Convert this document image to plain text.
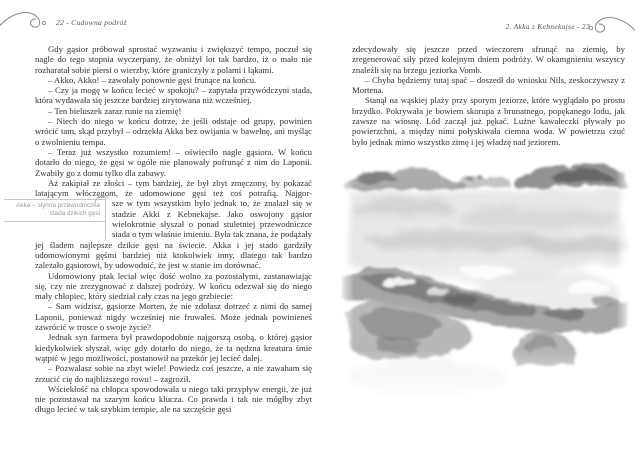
22 - Cudowna podróż	2. Akka z Kebnekajse - 23

Gdy gąsior próbował sprostać wyzwaniu i zwiększyć tempo, poczuł się nagle do tego stopnia wyczerpany, że obniżył lot tak bardzo, iż o mało nie rozharatał sobie piersi o wierzby, które graniczyły z polami i łąkami.

– Akko, Akko! – zawołały ponownie gęsi frunące na końcu.

– Czy ja mogę w końcu lecieć w spokoju? – zapytała przywódczyni stada, która wydawała się jeszcze bardziej zirytowana niż wcześniej.

– Ten bieluszek zaraz runie na ziemię!

– Niech do niego w końcu dotrze, że jeśli odstaje od grupy, powinien wrócić tam, skąd przybył – odrzekła Akka bez owijania w bawełnę, ani myśląc o zwolnieniu tempa.

– Teraz już wszystko rozumiem! – oświeciło nagle gąsiora. W końcu dotarło do niego, że gęsi w ogóle nie planowały pofrunąć z nim do Laponii. Zwabiły go z domu tylko dla zabawy.

Aż zakipiał ze złości – tym bardziej, że był zbyt zmęczony, by pokazać latającym włóczęgom, że udomowione gęsi też coś potrafią. Najgor-

Akka – słynna przewodniczka stada dzikich gęsi
sze w tym wszystkim było jednak to, że znalazł się w stadzie Akki z Kebnekajse. Jako oswojony gąsior wielokrotnie słyszał o ponad stuletniej przewodniczce stada o tym właśnie imieniu. Była tak znana, że podążały jej śladem najlepsze dzikie gęsi na świecie. Akka i jej stado gardziły udomowionymi gęśmi bardziej niż ktokolwiek inny, dlatego tak bardzo zależało gąsiorowi, by udowodnić, że jest w stanie im dorównać.

Udomowiony ptak leciał więc dość wolno za pozostałymi, zastanawiając się, czy nie zrezygnować z dalszej podróży. W końcu odezwał się do niego mały chłopiec, który siedział cały czas na jego grzbiecie:

– Sam widzisz, gąsiorze Morten, że nie zdołasz dotrzeć z nimi do samej Laponii, ponieważ nigdy wcześniej nie fruwałeś. Może jednak powinieneś zawrócić w trosce o swoje życie?

Jednak syn farmera był prawdopodobnie najgorszą osobą, o której gąsior kiedykolwiek słyszał, więc gdy dotarło do niego, że ta nędzna kreatura śmie wątpić w jego możliwości, postanowił na przekór jej lecieć dalej.

– Pozwalasz sobie na zbyt wiele! Powiedz coś jeszcze, a nie zawaham się zrzucić cię do najbliższego rowu! – zagroził.

Wściekłość na chłopca spowodowała u niego taki przypływ energii, że już nie pozostawał na szarym końcu klucza. Co prawda i tak nie mógłby zbyt długo lecieć w tak szybkim tempie, ale na szczęście gęsi

zdecydowały się jeszcze przed wieczorem sfrunąć na ziemię, by zregenerować siły przed kolejnym dniem podróży. W okamgnieniu wszyscy znaleźli się na brzegu jeziorka Vomb.

– Chyba będziemy tutaj spać – doszedł do wniosku Nils, zeskoczywszy z Mortena.

Stanął na wąskiej plaży przy sporym jeziorze, które wyglądało po prostu brzydko. Pokrywała je bowiem skorupa z brunatnego, popękanego lodu, jak zawsze na wiosnę. Lód zaczął już pękać. Luźne kawałeczki pływały po powierzchni, a między nimi połyskiwała ciemna woda. W powietrzu czuć było jednak mimo wszystko zimę i jej władzę nad jeziorem.
